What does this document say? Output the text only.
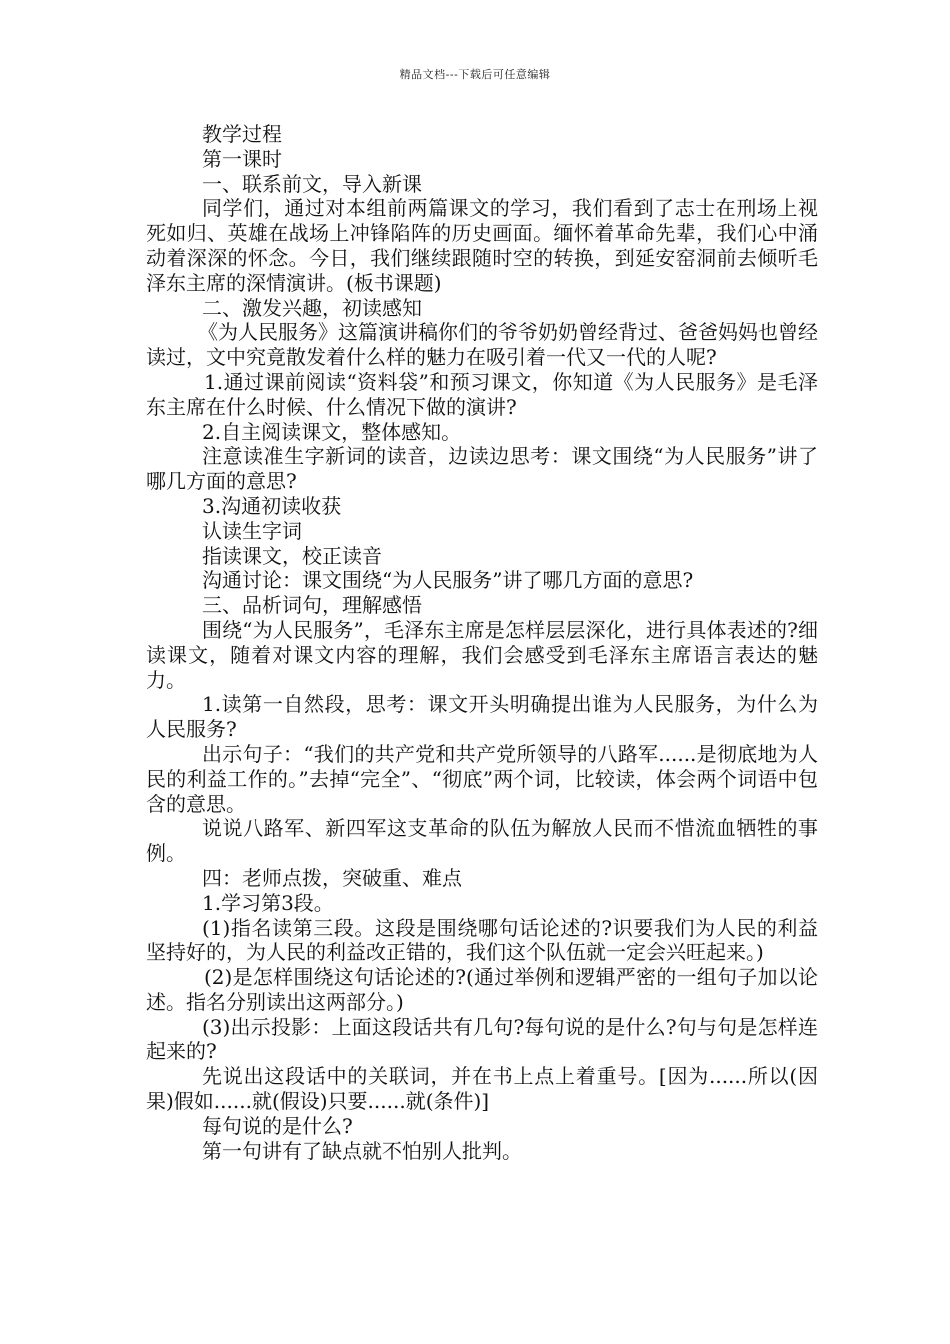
精品文档---下载后可任意编辑

教学过程

第一课时

一、联系前文，导入新课

同学们，通过对本组前两篇课文的学习，我们看到了志士在刑场上视死如归、英雄在战场上冲锋陷阵的历史画面。缅怀着革命先辈，我们心中涌动着深深的怀念。今日，我们继续跟随时空的转换，到延安窑洞前去倾听毛泽东主席的深情演讲。(板书课题)

二、激发兴趣，初读感知

《为人民服务》这篇演讲稿你们的爷爷奶奶曾经背过、爸爸妈妈也曾经读过，文中究竟散发着什么样的魅力在吸引着一代又一代的人呢?

1.通过课前阅读“资料袋”和预习课文，你知道《为人民服务》是毛泽东主席在什么时候、什么情况下做的演讲?

2.自主阅读课文，整体感知。

注意读准生字新词的读音，边读边思考：课文围绕“为人民服务”讲了哪几方面的意思?

3.沟通初读收获

认读生字词

指读课文，校正读音

沟通讨论：课文围绕“为人民服务”讲了哪几方面的意思?

三、品析词句，理解感悟

围绕“为人民服务”，毛泽东主席是怎样层层深化，进行具体表述的?细读课文，随着对课文内容的理解，我们会感受到毛泽东主席语言表达的魅力。

1.读第一自然段，思考：课文开头明确提出谁为人民服务，为什么为人民服务?

出示句子：“我们的共产党和共产党所领导的八路军......是彻底地为人民的利益工作的。”去掉“完全”、“彻底”两个词，比较读，体会两个词语中包含的意思。

说说八路军、新四军这支革命的队伍为解放人民而不惜流血牺牲的事例。

四：老师点拨，突破重、难点

1.学习第3段。

(1)指名读第三段。这段是围绕哪句话论述的?识要我们为人民的利益坚持好的，为人民的利益改正错的，我们这个队伍就一定会兴旺起来。)

(2)是怎样围绕这句话论述的?(通过举例和逻辑严密的一组句子加以论述。指名分别读出这两部分。)

(3)出示投影：上面这段话共有几句?每句说的是什么?句与句是怎样连起来的?

先说出这段话中的关联词，并在书上点上着重号。[因为......所以(因果)假如......就(假设)只要......就(条件)]

每句说的是什么?

第一句讲有了缺点就不怕别人批判。
